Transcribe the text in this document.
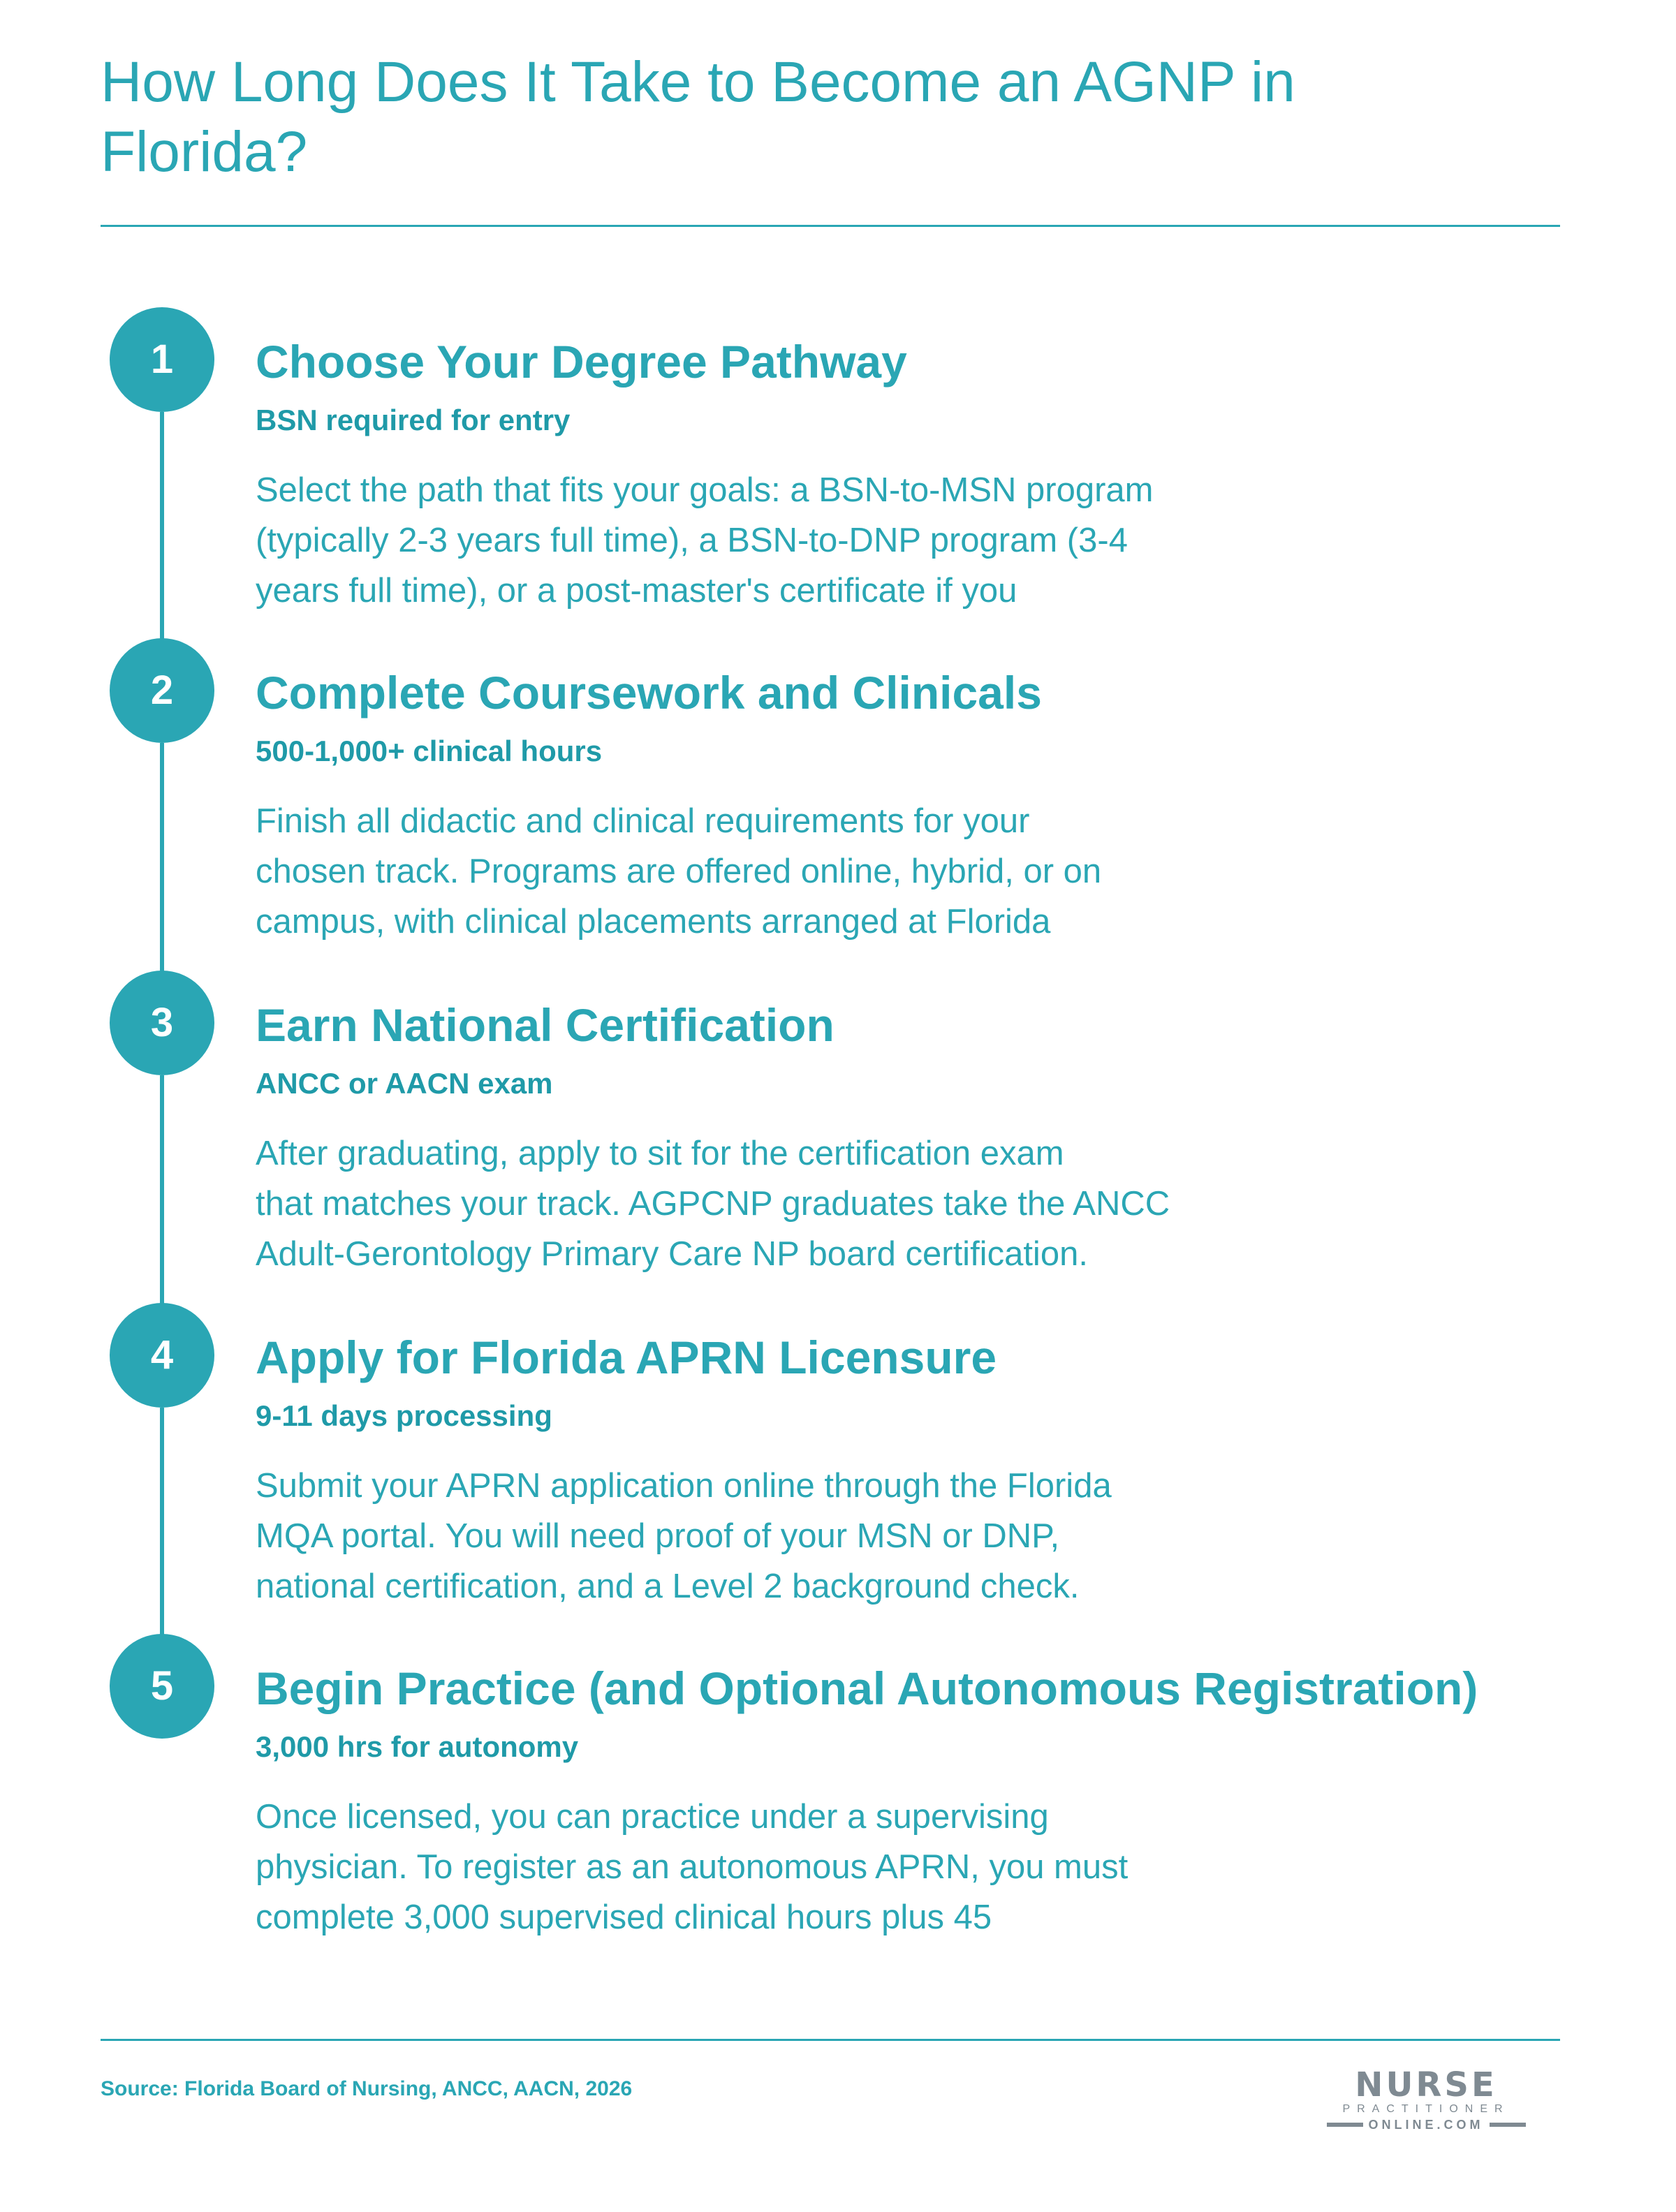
How Long Does It Take to Become an AGNP in
Florida?
1	Choose Your Degree Pathway
BSN required for entry
Select the path that fits your goals: a BSN-to-MSN program
(typically 2-3 years full time), a BSN-to-DNP program (3-4
years full time), or a post-master's certificate if you
2	Complete Coursework and Clinicals
500-1,000+ clinical hours
Finish all didactic and clinical requirements for your
chosen track. Programs are offered online, hybrid, or on
campus, with clinical placements arranged at Florida
3	Earn National Certification
ANCC or AACN exam
After graduating, apply to sit for the certification exam
that matches your track. AGPCNP graduates take the ANCC
Adult-Gerontology Primary Care NP board certification.
4	Apply for Florida APRN Licensure
9-11 days processing
Submit your APRN application online through the Florida
MQA portal. You will need proof of your MSN or DNP,
national certification, and a Level 2 background check.
5	Begin Practice (and Optional Autonomous Registration)
3,000 hrs for autonomy
Once licensed, you can practice under a supervising
physician. To register as an autonomous APRN, you must
complete 3,000 supervised clinical hours plus 45
Source: Florida Board of Nursing, ANCC, AACN, 2026	NURSE
PRACTITIONER
ONLINE.COM
